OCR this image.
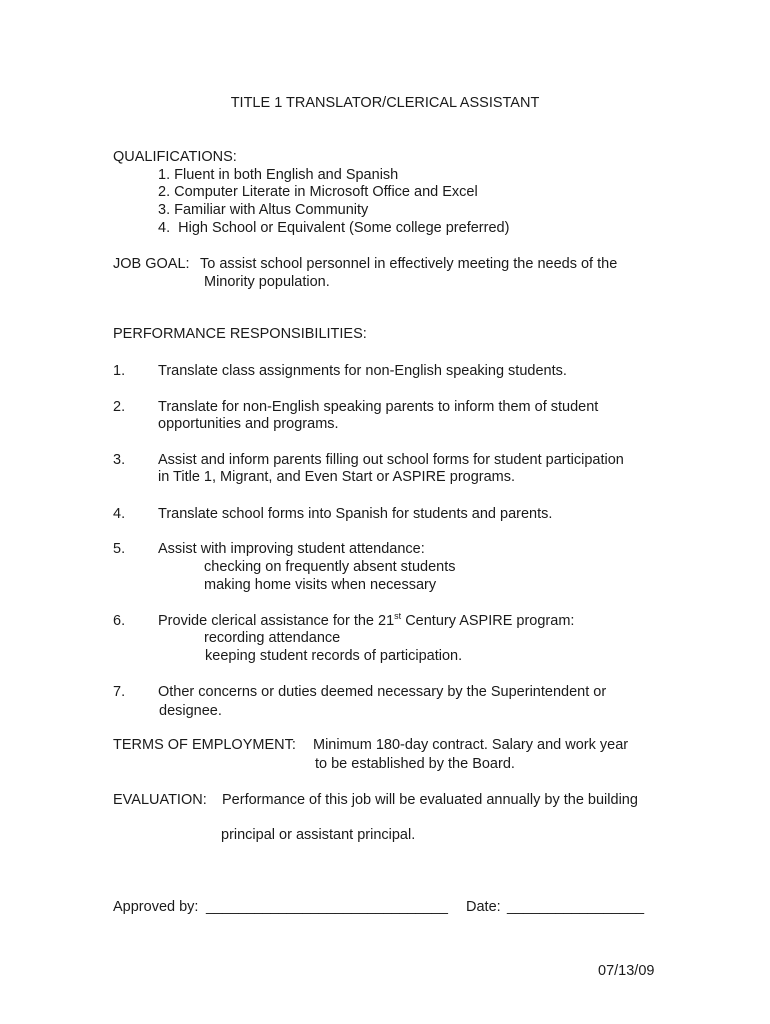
TITLE 1 TRANSLATOR/CLERICAL ASSISTANT
QUALIFICATIONS:
1. Fluent in both English and Spanish
2. Computer Literate in Microsoft Office and Excel
3. Familiar with Altus Community
4.  High School or Equivalent (Some college preferred)
JOB GOAL: To assist school personnel in effectively meeting the needs of the
Minority population.
PERFORMANCE RESPONSIBILITIES:
1. Translate class assignments for non-English speaking students.
2. Translate for non-English speaking parents to inform them of student
opportunities and programs.
3. Assist and inform parents filling out school forms for student participation
in Title 1, Migrant, and Even Start or ASPIRE programs.
4. Translate school forms into Spanish for students and parents.
5. Assist with improving student attendance:
checking on frequently absent students
making home visits when necessary
6. Provide clerical assistance for the 21st Century ASPIRE program:
recording attendance
keeping student records of participation.
7. Other concerns or duties deemed necessary by the Superintendent or
designee.
TERMS OF EMPLOYMENT: Minimum 180-day contract. Salary and work year
to be established by the Board.
EVALUATION: Performance of this job will be evaluated annually by the building
principal or assistant principal.
Approved by: ______________________________ Date: _________________
07/13/09
